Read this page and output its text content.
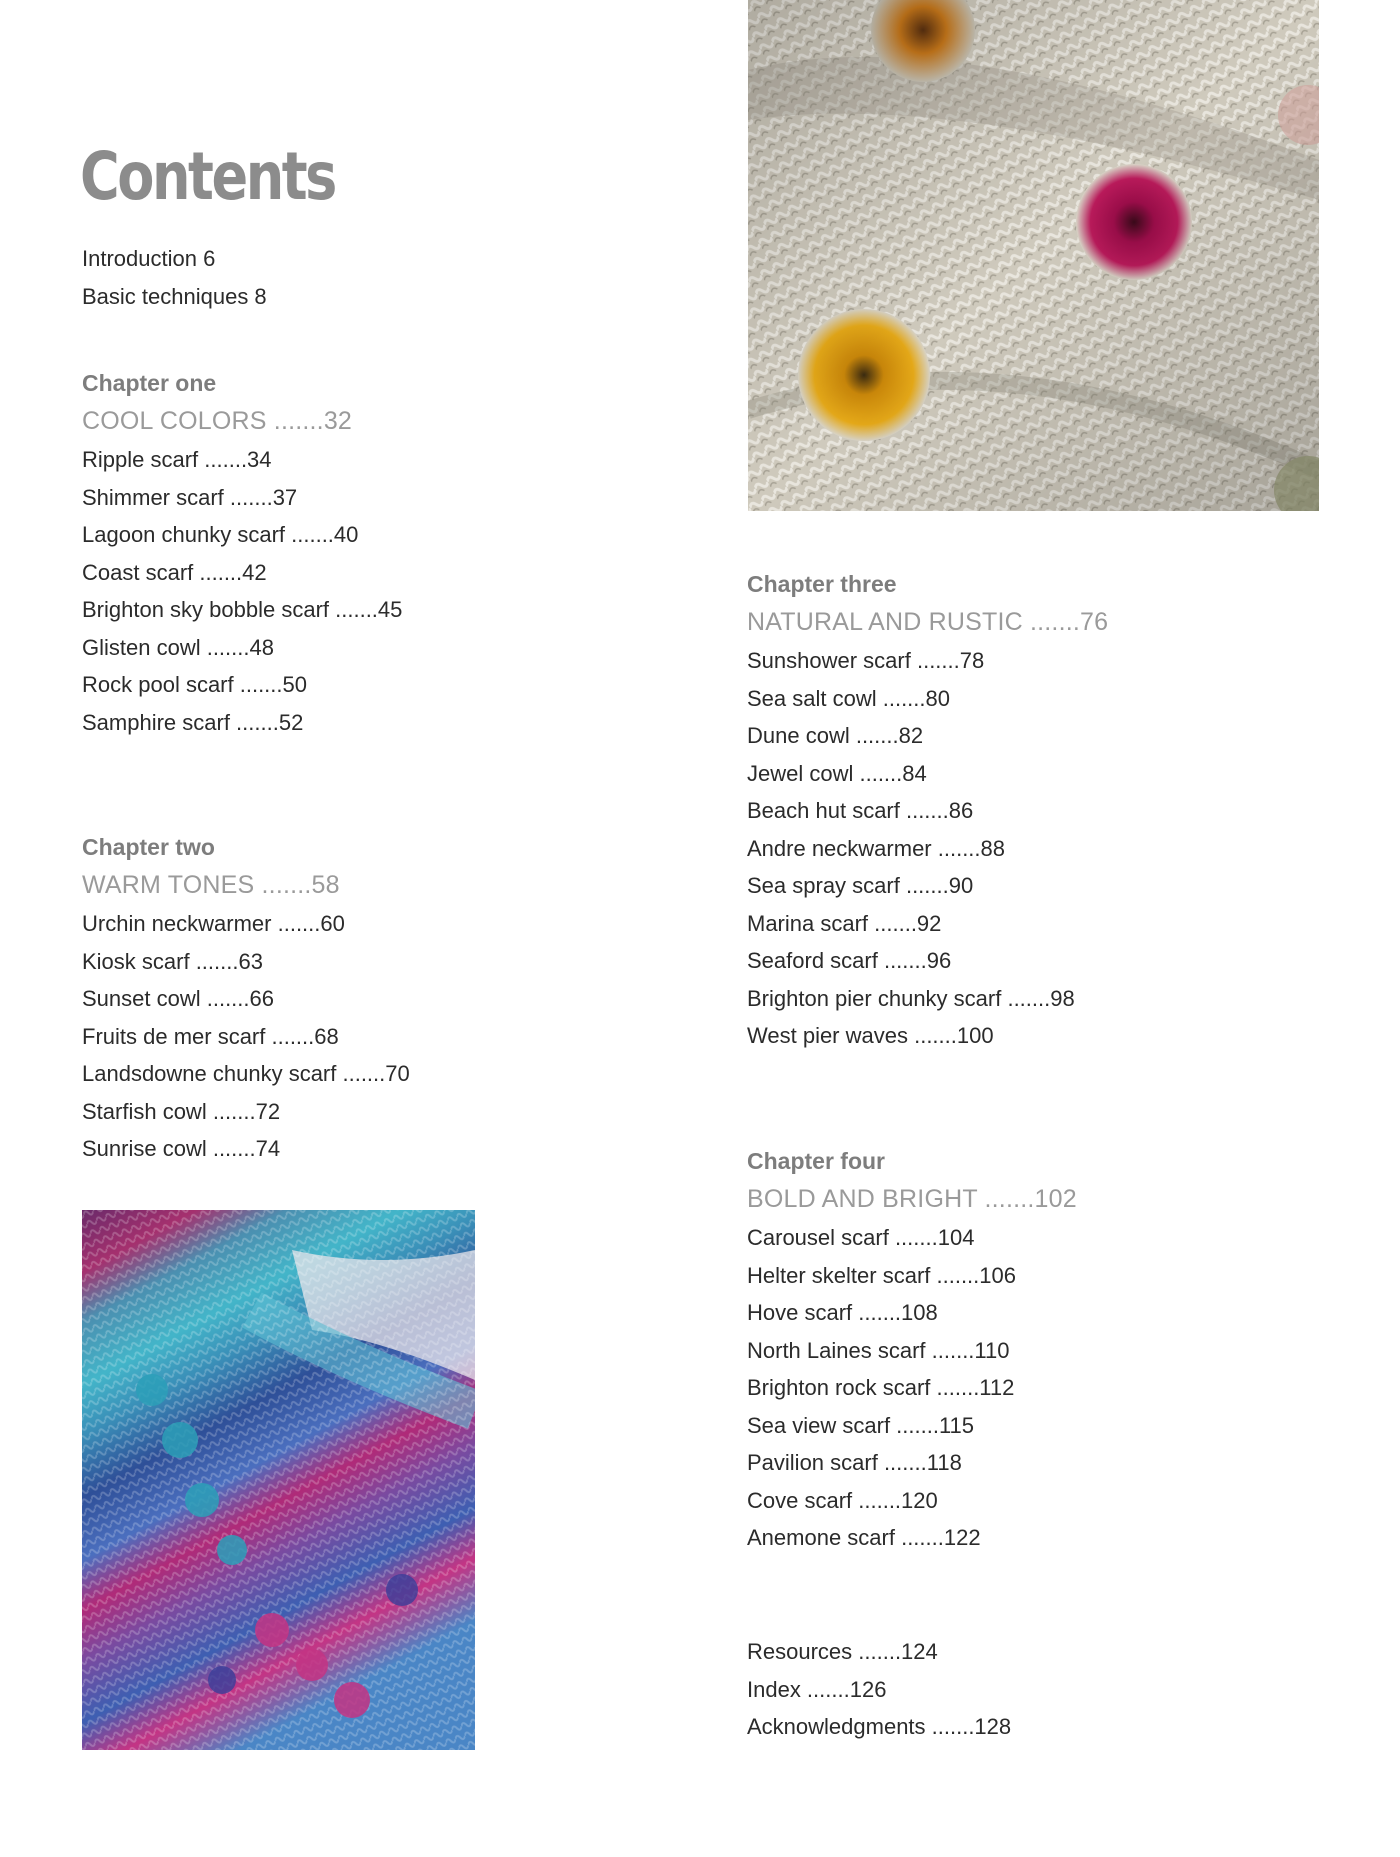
Contents
Introduction 6
Basic techniques 8
Chapter one
COOL COLORS .......32
Ripple scarf .......34
Shimmer scarf .......37
Lagoon chunky scarf .......40
Coast scarf .......42
Brighton sky bobble scarf .......45
Glisten cowl .......48
Rock pool scarf .......50
Samphire scarf .......52
Chapter two
WARM TONES .......58
Urchin neckwarmer .......60
Kiosk scarf .......63
Sunset cowl .......66
Fruits de mer scarf .......68
Landsdowne chunky scarf .......70
Starfish cowl .......72
Sunrise cowl .......74
Chapter three
NATURAL AND RUSTIC .......76
Sunshower scarf .......78
Sea salt cowl .......80
Dune cowl .......82
Jewel cowl .......84
Beach hut scarf .......86
Andre neckwarmer .......88
Sea spray scarf .......90
Marina scarf .......92
Seaford scarf .......96
Brighton pier chunky scarf .......98
West pier waves .......100
Chapter four
BOLD AND BRIGHT .......102
Carousel scarf .......104
Helter skelter scarf .......106
Hove scarf .......108
North Laines scarf .......110
Brighton rock scarf .......112
Sea view scarf .......115
Pavilion scarf .......118
Cove scarf .......120
Anemone scarf .......122
Resources .......124
Index .......126
Acknowledgments .......128
